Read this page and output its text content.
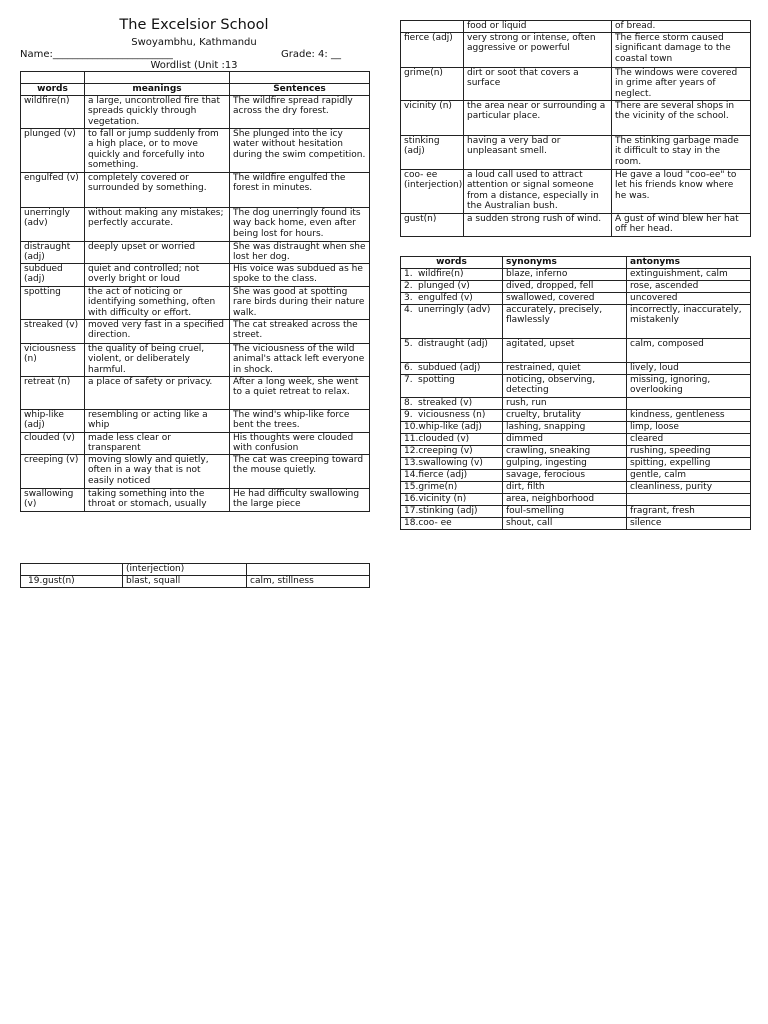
The Excelsior School
Swoyambhu, Kathmandu
Name:________________________	Grade: 4: __
Wordlist (Unit :13

words	meanings	Sentences
wildfire(n)	a large, uncontrolled fire that spreads quickly through vegetation.	The wildfire spread rapidly across the dry forest.
plunged (v)	to fall or jump suddenly from a high place, or to move quickly and forcefully into something.	She plunged into the icy water without hesitation during the swim competition.
engulfed (v)	completely covered or surrounded by something.	The wildfire engulfed the forest in minutes.
unerringly (adv)	without making any mistakes; perfectly accurate.	The dog unerringly found its way back home, even after being lost for hours.
distraught (adj)	deeply upset or worried	She was distraught when she lost her dog.
subdued (adj)	quiet and controlled; not overly bright or loud	His voice was subdued as he spoke to the class.
spotting	the act of noticing or identifying something, often with difficulty or effort.	She was good at spotting rare birds during their nature walk.
streaked (v)	moved very fast in a specified direction.	The cat streaked across the street.
viciousness (n)	the quality of being cruel, violent, or deliberately harmful.	The viciousness of the wild animal's attack left everyone in shock.
retreat (n)	a place of safety or privacy.	After a long week, she went to a quiet retreat to relax.
whip-like (adj)	resembling or acting like a whip	The wind's whip-like force bent the trees.
clouded (v)	made less clear or transparent	His thoughts were clouded with confusion
creeping (v)	moving slowly and quietly, often in a way that is not easily noticed	The cat was creeping toward the mouse quietly.
swallowing (v)	taking something into the throat or stomach, usually	He had difficulty swallowing the large piece
	food or liquid	of bread.
fierce (adj)	very strong or intense, often aggressive or powerful	The fierce storm caused significant damage to the coastal town
grime(n)	dirt or soot that covers a surface	The windows were covered in grime after years of neglect.
vicinity (n)	the area near or surrounding a particular place.	There are several shops in the vicinity of the school.
stinking (adj)	having a very bad or unpleasant smell.	The stinking garbage made it difficult to stay in the room.
coo- ee (interjection)	a loud call used to attract attention or signal someone from a distance, especially in the Australian bush.	He gave a loud "coo-ee" to let his friends know where he was.
gust(n)	a sudden strong rush of wind.	A gust of wind blew her hat off her head.
words	synonyms	antonyms
1. wildfire(n)	blaze, inferno	extinguishment, calm
2. plunged (v)	dived, dropped, fell	rose, ascended
3. engulfed (v)	swallowed, covered	uncovered
4. unerringly (adv)	accurately, precisely, flawlessly	incorrectly, inaccurately, mistakenly
5. distraught (adj)	agitated, upset	calm, composed
6. subdued (adj)	restrained, quiet	lively, loud
7. spotting	noticing, observing, detecting	missing, ignoring, overlooking
8. streaked (v)	rush, run	
9. viciousness (n)	cruelty, brutality	kindness, gentleness
10.whip-like (adj)	lashing, snapping	limp, loose
11.clouded (v)	dimmed	cleared
12.creeping (v)	crawling, sneaking	rushing, speeding
13.swallowing (v)	gulping, ingesting	spitting, expelling
14.fierce (adj)	savage, ferocious	gentle, calm
15.grime(n)	dirt, filth	cleanliness, purity
16.vicinity (n)	area, neighborhood	
17.stinking (adj)	foul-smelling	fragrant, fresh
18.coo- ee	shout, call	silence
	(interjection)	
19.gust(n)	blast, squall	calm, stillness
